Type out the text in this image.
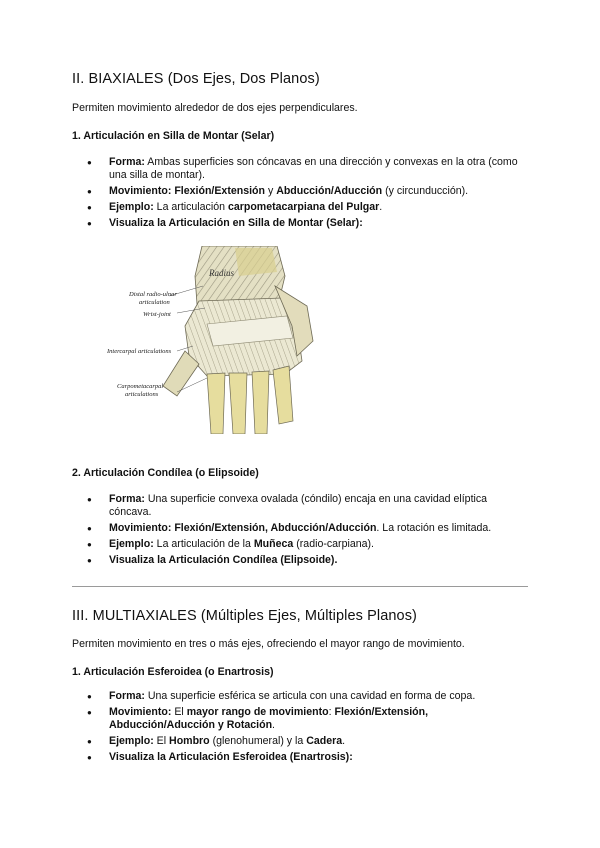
II. BIAXIALES (Dos Ejes, Dos Planos)

Permiten movimiento alrededor de dos ejes perpendiculares.

1. Articulación en Silla de Montar (Selar)
● Forma: Ambas superficies son cóncavas en una dirección y convexas en la otra (como una silla de montar).
● Movimiento: Flexión/Extensión y Abducción/Aducción (y circunducción).
● Ejemplo: La articulación carpometacarpiana del Pulgar.
● Visualiza la Articulación en Silla de Montar (Selar):
Radius
Distal radio-ulnar articulation
Wrist-joint
Intercarpal articulations
Carpometacarpal articulations
2. Articulación Condílea (o Elipsoide)
● Forma: Una superficie convexa ovalada (cóndilo) encaja en una cavidad elíptica cóncava.
● Movimiento: Flexión/Extensión, Abducción/Aducción. La rotación es limitada.
● Ejemplo: La articulación de la Muñeca (radio-carpiana).
● Visualiza la Articulación Condílea (Elipsoide).
III. MULTIAXIALES (Múltiples Ejes, Múltiples Planos)

Permiten movimiento en tres o más ejes, ofreciendo el mayor rango de movimiento.

1. Articulación Esferoidea (o Enartrosis)
● Forma: Una superficie esférica se articula con una cavidad en forma de copa.
● Movimiento: El mayor rango de movimiento: Flexión/Extensión, Abducción/Aducción y Rotación.
● Ejemplo: El Hombro (glenohumeral) y la Cadera.
● Visualiza la Articulación Esferoidea (Enartrosis):
